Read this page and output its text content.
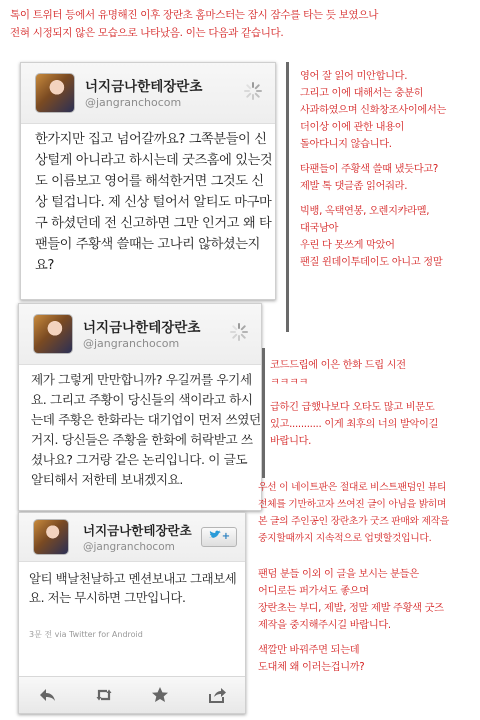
톡이 트위터 등에서 유명해진 이후 장란초 홈마스터는 잠시 잠수를 타는 듯 보였으나
전혀 시정되지 않은 모습으로 나타났음. 이는 다음과 같습니다.
너지금나한테장란초
@jangranchocom
한가지만 집고 넘어갈까요? 그쪽분들이 신상털게 아니라고 하시는데 굿즈홈에 있는것도 이름보고 영어를 해석한거면 그것도 신상 털겁니다. 제 신상 털어서 알티도 마구마구 하셨던데 전 신고하면 그만 인거고 왜 타팬들이 주황색 쓸때는 고나리 않하셨는지요?
너지금나한테장란초
@jangranchocom
제가 그렇게 만만합니까? 우길꺼를 우기세요. 그리고 주황이 당신들의 색이라고 하시는데 주황은 한화라는 대기업이 먼저 쓰였던거지. 당신들은 주황을 한화에 허락받고 쓰셨나요? 그거랑 같은 논리입니다. 이 글도 알티해서 저한테 보내겠지요.
너지금나한테장란초
@jangranchocom
+
알티 백날천날하고 멘션보내고 그래보세요. 저는 무시하면 그만입니다.
3문 전 via Twitter for Android
영어 잘 읽어 미안합니다.
그리고 이에 대해서는 충분히
사과하였으며 신화창조사이에서는
더이상 이에 관한 내용이
돌아다니지 않습니다.
타팬들이 주황색 쓸때 냈듯다고?
제발 톡 댓글좀 읽어줘라.
빅뱅, 옥택연봉, 오렌지캬라멜,
대국남아
우린 다 못쓰게 막았어
팬질 윈데이투데이도 아니고 정말
코드드립에 이은 한화 드립 시전
ㅋㅋㅋㅋ
급하긴 급했나보다 오타도 많고 비문도
있고........... 이게 최후의 너의 발악이길
바랍니다.
우선 이 네이트판은 절대로 비스트팬덤인 뷰티
전체를 기만하고자 쓰여진 글이 아님을 밝히며
본 글의 주인공인 장란초가 굿즈 판매와 제작을
중지할때까지 지속적으로 업뎃할것입니다.
팬덤 분들 이외 이 글을 보시는 분들은
어디로든 퍼가셔도 좋으며
장란초는 부디, 제발, 정말 제발 주황색 굿즈
제작을 중지해주시길 바랍니다.
색깔만 바꿔주면 되는데
도대체 왜 이러는겁니까?
